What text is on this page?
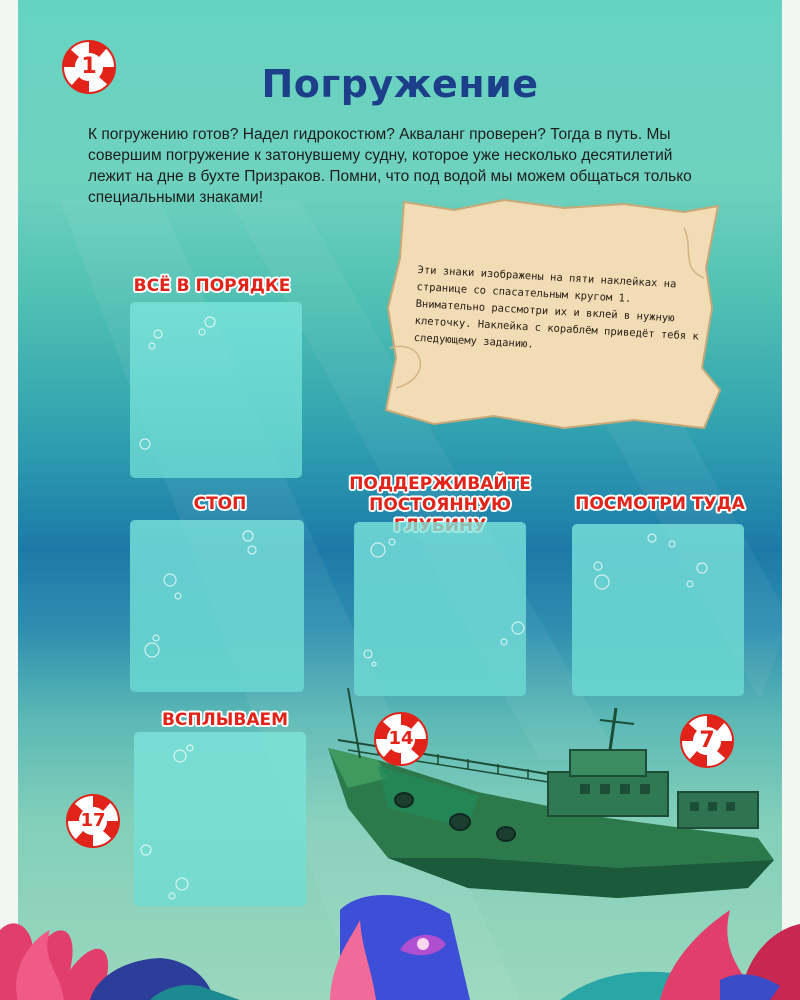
Погружение

К погружению готов? Надел гидрокостюм? Акваланг проверен? Тогда в путь. Мы совершим погружение к затонувшему судну, которое уже несколько десятилетий лежит на дне в бухте Призраков. Помни, что под водой мы можем общаться только специальными знаками!

Эти знаки изображены на пяти наклейках на странице со спасательным кругом 1. Внимательно рассмотри их и вклей в нужную клеточку. Наклейка с кораблём приведёт тебя к следующему заданию.

ВСЁ В ПОРЯДКЕ
СТОП
ПОДДЕРЖИВАЙТЕ ПОСТОЯННУЮ	ПОСМОТРИ ТУДА
ВСПЛЫВАЕМ
1
14	7
17
